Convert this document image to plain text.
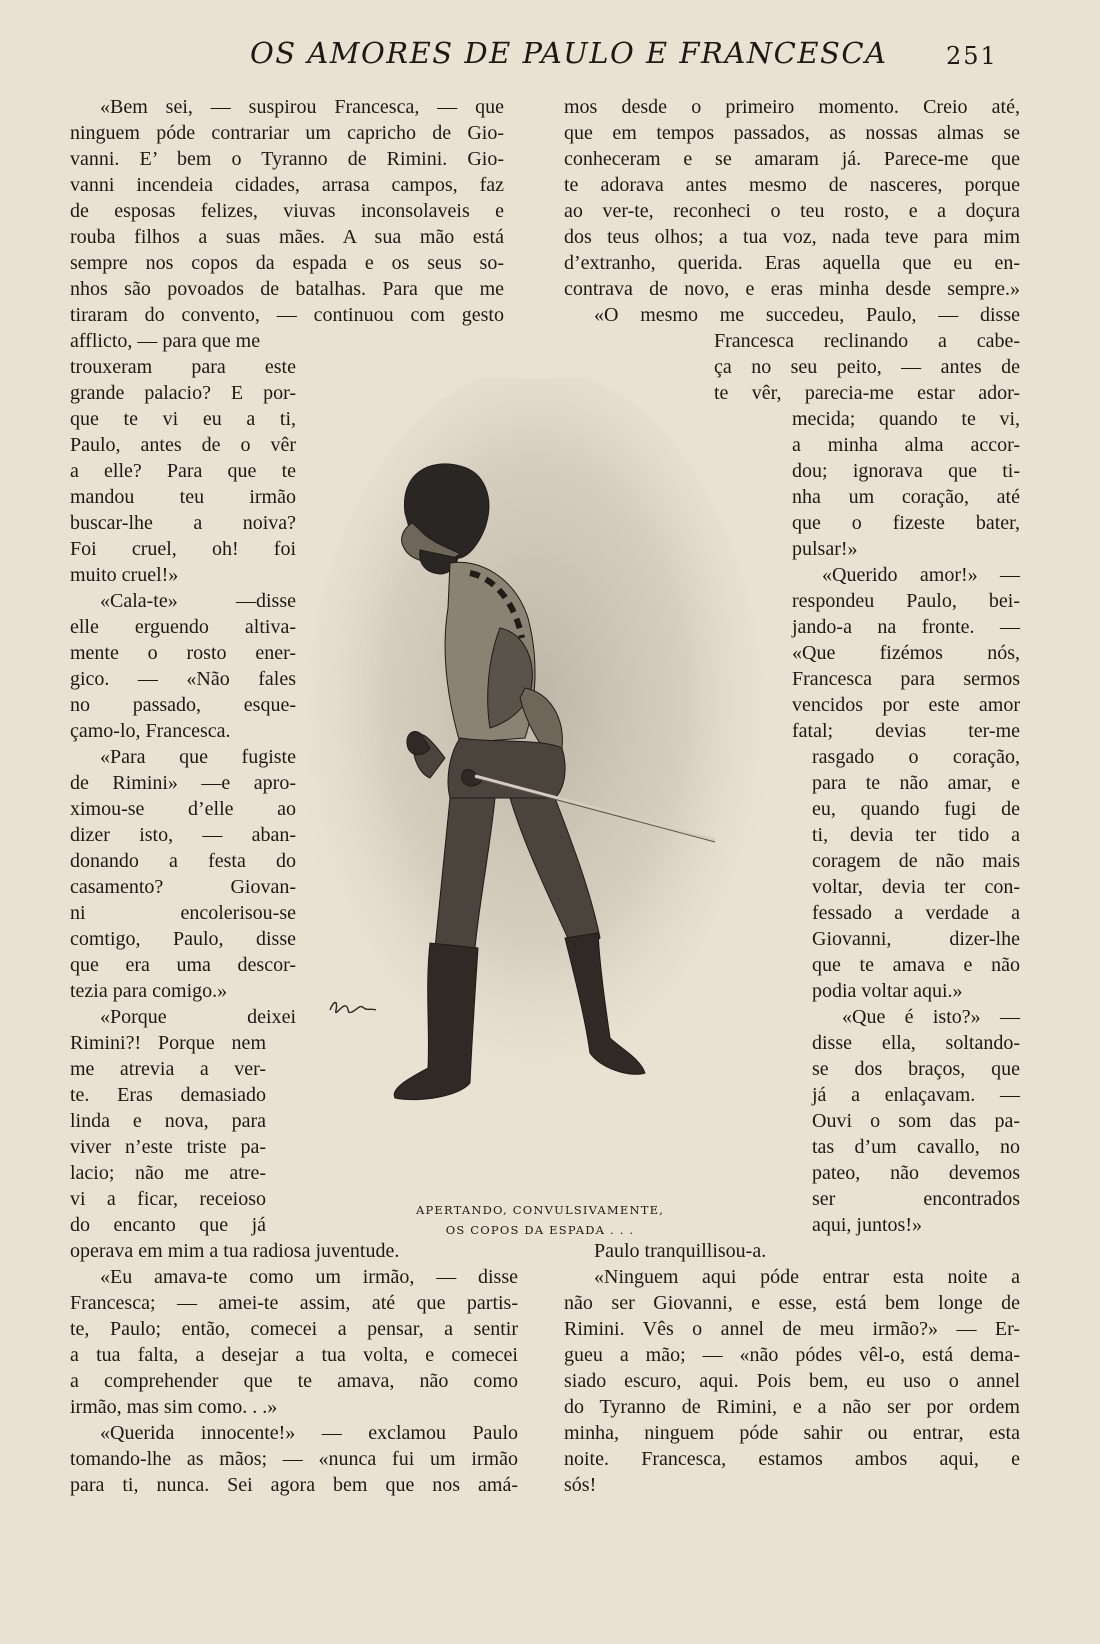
OS AMORES DE PAULO E FRANCESCA 251
«Bem sei, — suspirou Francesca, — que
ninguem póde contrariar um capricho de Gio-
vanni. E’ bem o Tyranno de Rimini. Gio-
vanni incendeia cidades, arrasa campos, faz
de esposas felizes, viuvas inconsolaveis e
rouba filhos a suas mães. A sua mão está
sempre nos copos da espada e os seus so-
nhos são povoados de batalhas. Para que me
tiraram do convento, — continuou com gesto
afflicto, — para que me
trouxeram para este
grande palacio? E por-
que te vi eu a ti,
Paulo, antes de o vêr
a elle? Para que te
mandou teu irmão
buscar-lhe a noiva?
Foi cruel, oh! foi
muito cruel!»
«Cala-te» —disse
elle erguendo altiva-
mente o rosto ener-
gico. — «Não fales
no passado, esque-
çamo-lo, Francesca.
«Para que fugiste
de Rimini» —e apro-
ximou-se d’elle ao
dizer isto, — aban-
donando a festa do
casamento? Giovan-
ni encolerisou-se
comtigo, Paulo, disse
que era uma descor-
tezia para comigo.»
«Porque deixei
Rimini?! Porque nem
me atrevia a ver-
te. Eras demasiado
linda e nova, para
viver n’este triste pa-
lacio; não me atre-
vi a ficar, receioso
do encanto que já
operava em mim a tua radiosa juventude.
«Eu amava-te como um irmão, — disse
Francesca; — amei-te assim, até que partis-
te, Paulo; então, comecei a pensar, a sentir
a tua falta, a desejar a tua volta, e comecei
a comprehender que te amava, não como
irmão, mas sim como. . .»
«Querida innocente!» — exclamou Paulo
tomando-lhe as mãos; — «nunca fui um irmão
para ti, nunca. Sei agora bem que nos amá-
mos desde o primeiro momento. Creio até,
que em tempos passados, as nossas almas se
conheceram e se amaram já. Parece-me que
te adorava antes mesmo de nasceres, porque
ao ver-te, reconheci o teu rosto, e a doçura
dos teus olhos; a tua voz, nada teve para mim
d’extranho, querida. Eras aquella que eu en-
contrava de novo, e eras minha desde sempre.»
«O mesmo me succedeu, Paulo, — disse
Francesca reclinando a cabe-
ça no seu peito, — antes de
te vêr, parecia-me estar ador-
mecida; quando te vi,
a minha alma accor-
dou; ignorava que ti-
nha um coração, até
que o fizeste bater,
pulsar!»
«Querido amor!» —
respondeu Paulo, bei-
jando-a na fronte. —
«Que fizémos nós,
Francesca para sermos
vencidos por este amor
fatal; devias ter-me
rasgado o coração,
para te não amar, e
eu, quando fugi de
ti, devia ter tido a
coragem de não mais
voltar, devia ter con-
fessado a verdade a
Giovanni, dizer-lhe
que te amava e não
podia voltar aqui.»
«Que é isto?» —
disse ella, soltando-
se dos braços, que
já a enlaçavam. —
Ouvi o som das pa-
tas d’um cavallo, no
pateo, não devemos
ser encontrados
aqui, juntos!»
Paulo tranquillisou-a.
«Ninguem aqui póde entrar esta noite a
não ser Giovanni, e esse, está bem longe de
Rimini. Vês o annel de meu irmão?» — Er-
gueu a mão; — «não pódes vêl-o, está dema-
siado escuro, aqui. Pois bem, eu uso o annel
do Tyranno de Rimini, e a não ser por ordem
minha, ninguem póde sahir ou entrar, esta
noite. Francesca, estamos ambos aqui, e
sós!
APERTANDO, CONVULSIVAMENTE,
OS COPOS DA ESPADA . . .
